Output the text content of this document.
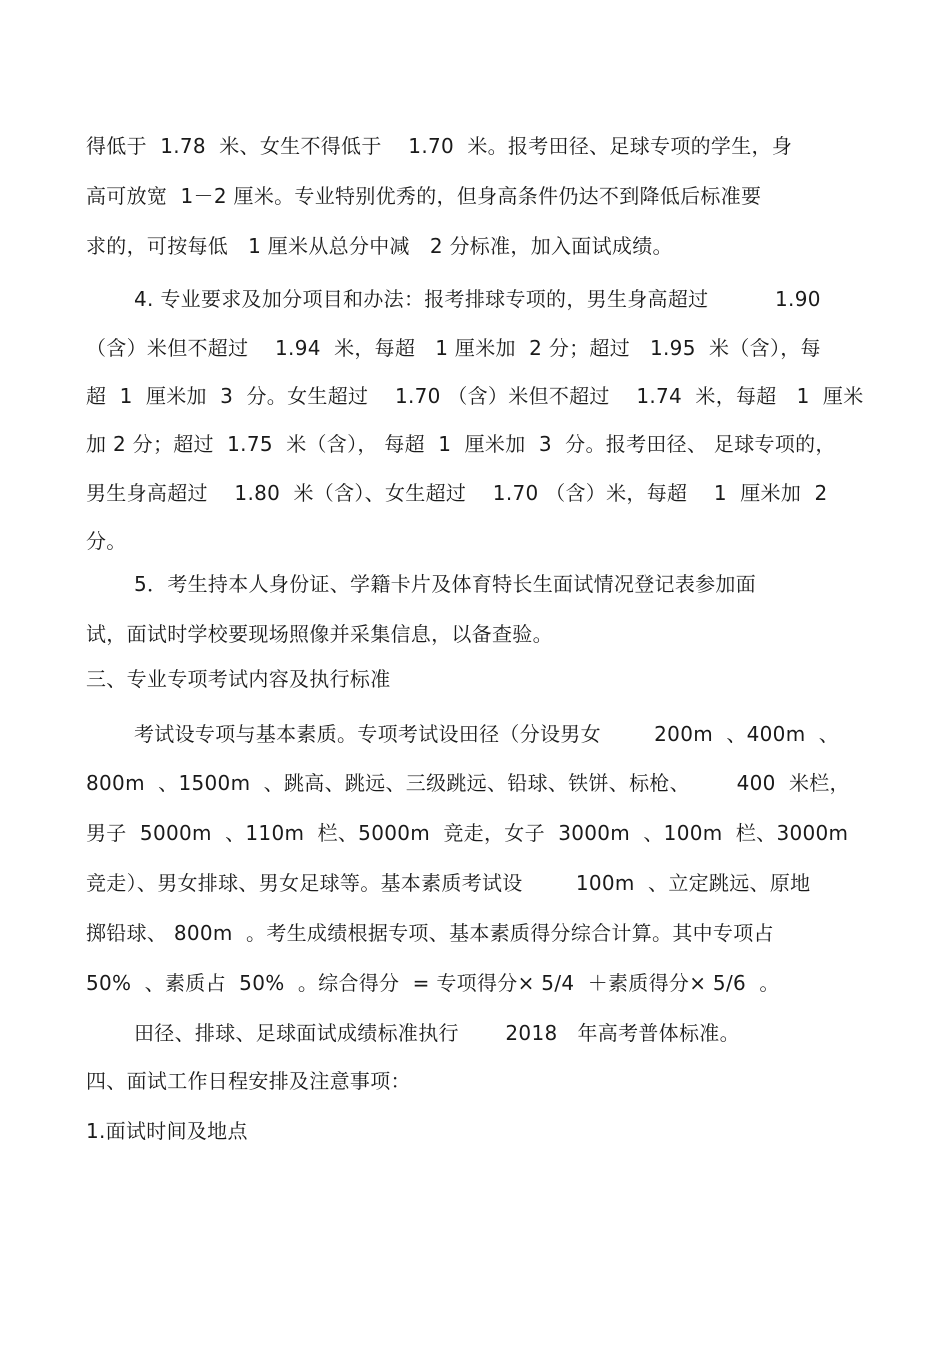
得低于  1.78  米、女生不得低于    1.70  米。报考田径、足球专项的学生，身
高可放宽  1－2 厘米。专业特别优秀的，但身高条件仍达不到降低后标准要
求的，可按每低   1 厘米从总分中减   2 分标准，加入面试成绩。
4. 专业要求及加分项目和办法：报考排球专项的，男生身高超过          1.90
（含）米但不超过    1.94  米，每超   1 厘米加  2 分；超过   1.95  米（含），每
超  1  厘米加  3  分。女生超过    1.70 （含）米但不超过    1.74  米，每超   1  厘米
加 2 分；超过  1.75  米（含）， 每超  1  厘米加  3  分。报考田径、 足球专项的，
男生身高超过    1.80  米（含）、女生超过    1.70 （含）米，每超    1  厘米加  2
分。
5．考生持本人身份证、学籍卡片及体育特长生面试情况登记表参加面
试，面试时学校要现场照像并采集信息，以备查验。
三、专业专项考试内容及执行标准
考试设专项与基本素质。专项考试设田径（分设男女        200m  、400m  、
800m  、1500m  、跳高、跳远、三级跳远、铅球、铁饼、标枪、       400  米栏，
男子  5000m  、110m  栏、5000m  竞走，女子  3000m  、100m  栏、3000m
竞走）、男女排球、男女足球等。基本素质考试设        100m  、立定跳远、原地
掷铅球、 800m  。考生成绩根据专项、基本素质得分综合计算。其中专项占
50%  、素质占  50%  。综合得分  = 专项得分× 5/4  ＋素质得分× 5/6  。
田径、排球、足球面试成绩标准执行       2018   年高考普体标准。
四、面试工作日程安排及注意事项：
1.面试时间及地点
